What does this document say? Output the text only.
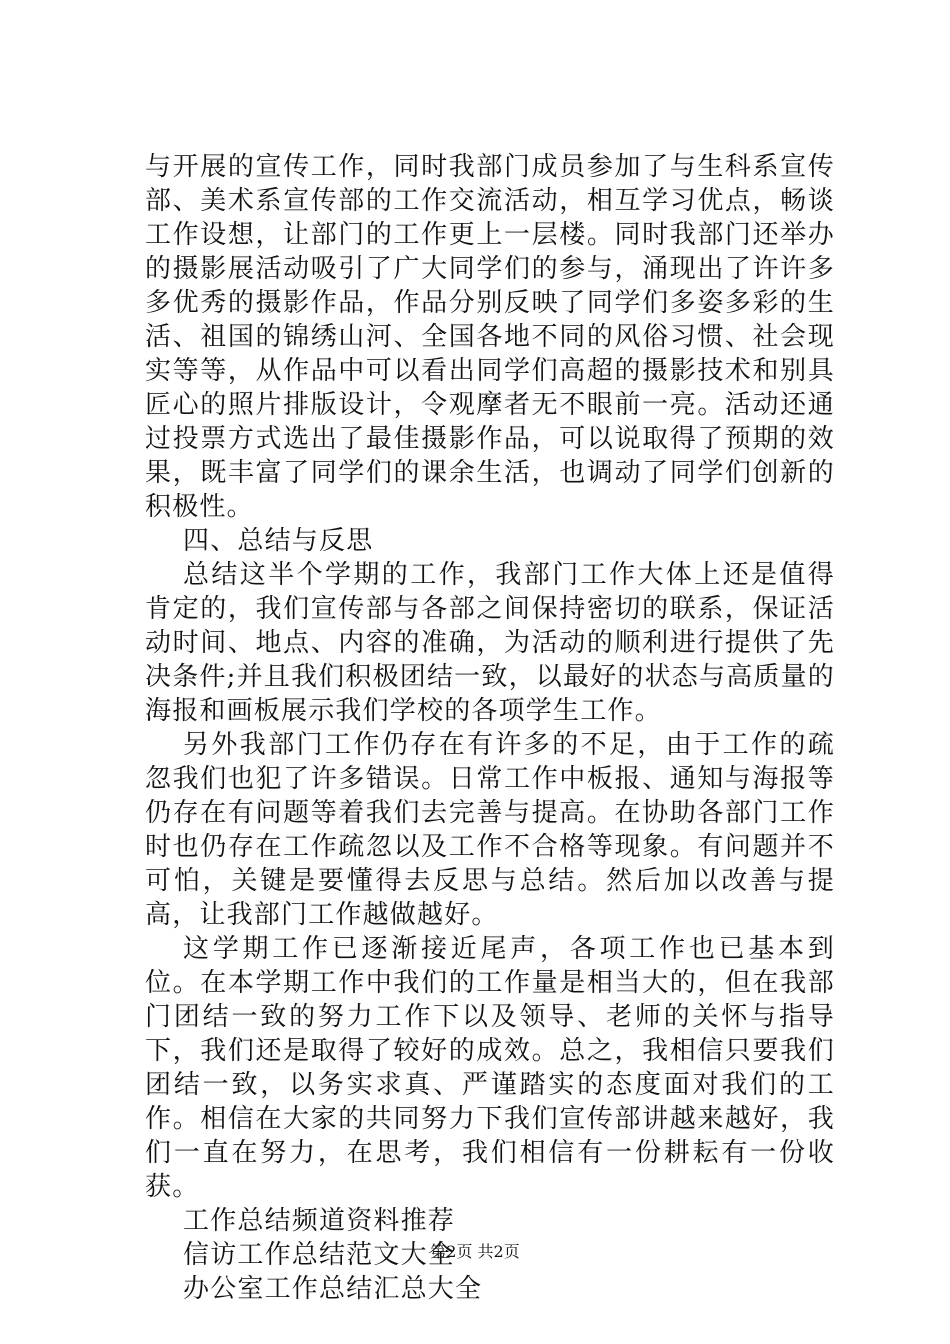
与开展的宣传工作，同时我部门成员参加了与生科系宣传部、美术系宣传部的工作交流活动，相互学习优点，畅谈工作设想，让部门的工作更上一层楼。同时我部门还举办的摄影展活动吸引了广大同学们的参与，涌现出了许许多多优秀的摄影作品，作品分别反映了同学们多姿多彩的生活、祖国的锦绣山河、全国各地不同的风俗习惯、社会现实等等，从作品中可以看出同学们高超的摄影技术和别具匠心的照片排版设计，令观摩者无不眼前一亮。活动还通过投票方式选出了最佳摄影作品，可以说取得了预期的效果，既丰富了同学们的课余生活，也调动了同学们创新的积极性。

四、总结与反思

总结这半个学期的工作，我部门工作大体上还是值得肯定的，我们宣传部与各部之间保持密切的联系，保证活动时间、地点、内容的准确，为活动的顺利进行提供了先决条件;并且我们积极团结一致，以最好的状态与高质量的海报和画板展示我们学校的各项学生工作。

另外我部门工作仍存在有许多的不足，由于工作的疏忽我们也犯了许多错误。日常工作中板报、通知与海报等仍存在有问题等着我们去完善与提高。在协助各部门工作时也仍存在工作疏忽以及工作不合格等现象。有问题并不可怕，关键是要懂得去反思与总结。然后加以改善与提高，让我部门工作越做越好。

这学期工作已逐渐接近尾声，各项工作也已基本到位。在本学期工作中我们的工作量是相当大的，但在我部门团结一致的努力工作下以及领导、老师的关怀与指导下，我们还是取得了较好的成效。总之，我相信只要我们团结一致，以务实求真、严谨踏实的态度面对我们的工作。相信在大家的共同努力下我们宣传部讲越来越好，我们一直在努力，在思考，我们相信有一份耕耘有一份收获。

工作总结频道资料推荐
信访工作总结范文大全
办公室工作总结汇总大全
第2页 共2页
